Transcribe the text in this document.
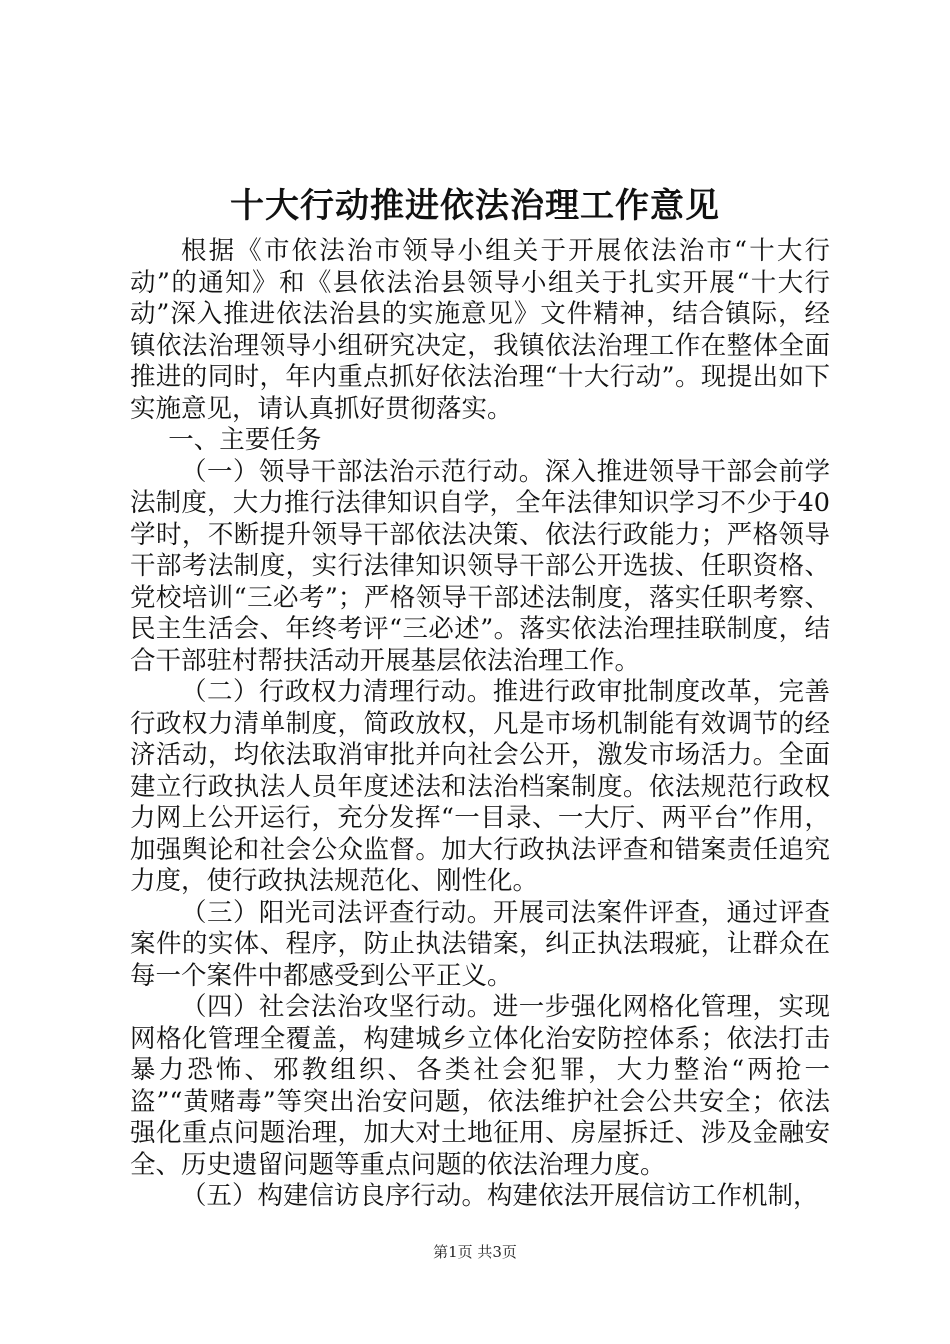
十大行动推进依法治理工作意见

根据《市依法治市领导小组关于开展依法治市“十大行动”的通知》和《县依法治县领导小组关于扎实开展“十大行动”深入推进依法治县的实施意见》文件精神，结合镇际，经镇依法治理领导小组研究决定，我镇依法治理工作在整体全面推进的同时，年内重点抓好依法治理“十大行动”。现提出如下实施意见，请认真抓好贯彻落实。

一、主要任务

（一）领导干部法治示范行动。深入推进领导干部会前学法制度，大力推行法律知识自学，全年法律知识学习不少于40学时，不断提升领导干部依法决策、依法行政能力；严格领导干部考法制度，实行法律知识领导干部公开选拔、任职资格、党校培训“三必考”；严格领导干部述法制度，落实任职考察、民主生活会、年终考评“三必述”。落实依法治理挂联制度，结合干部驻村帮扶活动开展基层依法治理工作。

（二）行政权力清理行动。推进行政审批制度改革，完善行政权力清单制度，简政放权，凡是市场机制能有效调节的经济活动，均依法取消审批并向社会公开，激发市场活力。全面建立行政执法人员年度述法和法治档案制度。依法规范行政权力网上公开运行，充分发挥“一目录、一大厅、两平台”作用，加强舆论和社会公众监督。加大行政执法评查和错案责任追究力度，使行政执法规范化、刚性化。

（三）阳光司法评查行动。开展司法案件评查，通过评查案件的实体、程序，防止执法错案，纠正执法瑕疵，让群众在每一个案件中都感受到公平正义。

（四）社会法治攻坚行动。进一步强化网格化管理，实现网格化管理全覆盖，构建城乡立体化治安防控体系；依法打击暴力恐怖、邪教组织、各类社会犯罪，大力整治“两抢一盗”“黄赌毒”等突出治安问题，依法维护社会公共安全；依法强化重点问题治理，加大对土地征用、房屋拆迁、涉及金融安全、历史遗留问题等重点问题的依法治理力度。

（五）构建信访良序行动。构建依法开展信访工作机制，

第1页 共3页
